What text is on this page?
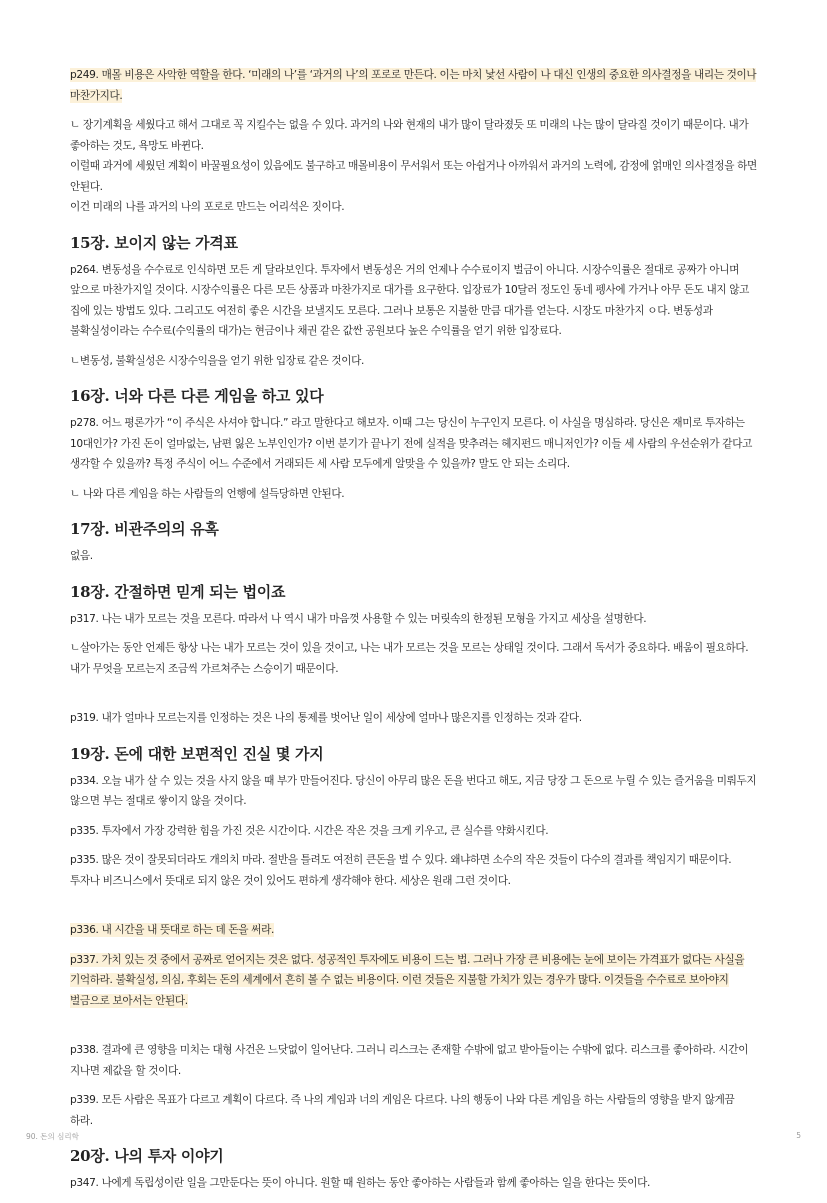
p249. 매몰 비용은 사악한 역할을 한다. ‘미래의 나’를 ‘과거의 나’의 포로로 만든다. 이는 마치 낯선 사람이 나 대신 인생의 중요한 의사결정을 내리는 것이나 마찬가지다.

ㄴ 장기계획을 세웠다고 해서 그대로 꼭 지킬수는 없을 수 있다. 과거의 나와 현재의 내가 많이 달라졌듯 또 미래의 나는 많이 달라질 것이기 때문이다. 내가 좋아하는 것도, 욕망도 바뀐다.
이럴때 과거에 세웠던 계획이 바꿀필요성이 있음에도 불구하고 매몰비용이 무서워서 또는 아쉽거나 아까워서 과거의 노력에, 감정에 얽매인 의사결정을 하면 안된다.
이건 미래의 나를 과거의 나의 포로로 만드는 어리석은 짓이다.

15장. 보이지 않는 가격표

p264. 변동성을 수수료로 인식하면 모든 게 달라보인다. 투자에서 변동성은 거의 언제나 수수료이지 벌금이 아니다. 시장수익률은 절대로 공짜가 아니며 앞으로 마찬가지일 것이다. 시장수익률은 다른 모든 상품과 마찬가지로 대가를 요구한다. 입장료가 10달러 정도인 동네 펭사에 가거나 아무 돈도 내지 않고 집에 있는 방법도 있다. 그리고도 여전히 좋은 시간을 보낼지도 모른다. 그러나 보통은 지불한 만큼 대가를 얻는다. 시장도 마찬가지 ㅇ다. 변동성과 불확실성이라는 수수료(수익률의 대가)는 현금이나 채권 같은 값싼 공원보다 높은 수익률을 얻기 위한 입장료다.

ㄴ변동성, 불확실성은 시장수익을을 얻기 위한 입장료 같은 것이다.

16장. 너와 다른 다른 게임을 하고 있다

p278. 어느 평론가가 “이 주식은 사셔야 합니다.” 라고 말한다고 해보자. 이때 그는 당신이 누구인지 모른다. 이 사실을 명심하라. 당신은 재미로 투자하는 10대인가? 가진 돈이 얼마없는, 남편 잃은 노부인인가? 이번 분기가 끝나기 전에 실적을 맞추려는 헤지펀드 매니저인가? 이들 세 사람의 우선순위가 같다고 생각할 수 있을까? 특정 주식이 어느 수준에서 거래되든 세 사람 모두에게 알맞을 수 있을까? 말도 안 되는 소리다.

ㄴ 나와 다른 게임을 하는 사람들의 언행에 설득당하면 안된다.

17장. 비관주의의 유혹

없음.

18장. 간절하면 믿게 되는 법이죠

p317. 나는 내가 모르는 것을 모른다. 따라서 나 역시 내가 마음껏 사용할 수 있는 머릿속의 한정된 모형을 가지고 세상을 설명한다.

ㄴ살아가는 동안 언제든 항상 나는 내가 모르는 것이 있을 것이고, 나는 내가 모르는 것을 모르는 상태일 것이다. 그래서 독서가 중요하다. 배움이 필요하다. 내가 무엇을 모르는지 조금씩 가르쳐주는 스승이기 때문이다.

p319. 내가 얼마나 모르는지를 인정하는 것은 나의 통제를 벗어난 일이 세상에 얼마나 많은지를 인정하는 것과 같다.

19장. 돈에 대한 보편적인 진실 몇 가지

p334. 오늘 내가 살 수 있는 것을 사지 않을 때 부가 만들어진다. 당신이 아무리 많은 돈을 번다고 해도, 지금 당장 그 돈으로 누릴 수 있는 즐거움을 미뤄두지 않으면 부는 절대로 쌓이지 않을 것이다.

p335. 투자에서 가장 강력한 힘을 가진 것은 시간이다. 시간은 작은 것을 크게 키우고, 큰 실수를 약화시킨다.

p335. 많은 것이 잘못되더라도 개의치 마라. 절반을 틀려도 여전히 큰돈을 벌 수 있다. 왜냐하면 소수의 작은 것들이 다수의 결과를 책임지기 때문이다. 투자나 비즈니스에서 뜻대로 되지 않은 것이 있어도 편하게 생각해야 한다. 세상은 원래 그런 것이다.

p336. 내 시간을 내 뜻대로 하는 데 돈을 써라.

p337. 가치 있는 것 중에서 공짜로 얻어지는 것은 없다. 성공적인 투자에도 비용이 드는 법. 그러나 가장 큰 비용에는 눈에 보이는 가격표가 없다는 사실을 기억하라. 불확실성, 의심, 후회는 돈의 세계에서 흔히 볼 수 없는 비용이다. 이런 것들은 지불할 가치가 있는 경우가 많다. 이것들을 수수료로 보아야지 벌금으로 보아서는 안된다.

p338. 결과에 큰 영향을 미치는 대형 사건은 느닷없이 일어난다. 그러니 리스크는 존재할 수밖에 없고 받아들이는 수밖에 없다. 리스크를 좋아하라. 시간이 지나면 제값을 할 것이다.

p339. 모든 사람은 목표가 다르고 계획이 다르다. 즉 나의 게임과 너의 게임은 다르다. 나의 행동이 나와 다른 게임을 하는 사람들의 영향을 받지 않게끔 하라.

20장. 나의 투자 이야기

p347. 나에게 독립성이란 일을 그만둔다는 뜻이 아니다. 원할 때 원하는 동안 좋아하는 사람들과 함께 좋아하는 일을 한다는 뜻이다.

90. 돈의 심리학	5
